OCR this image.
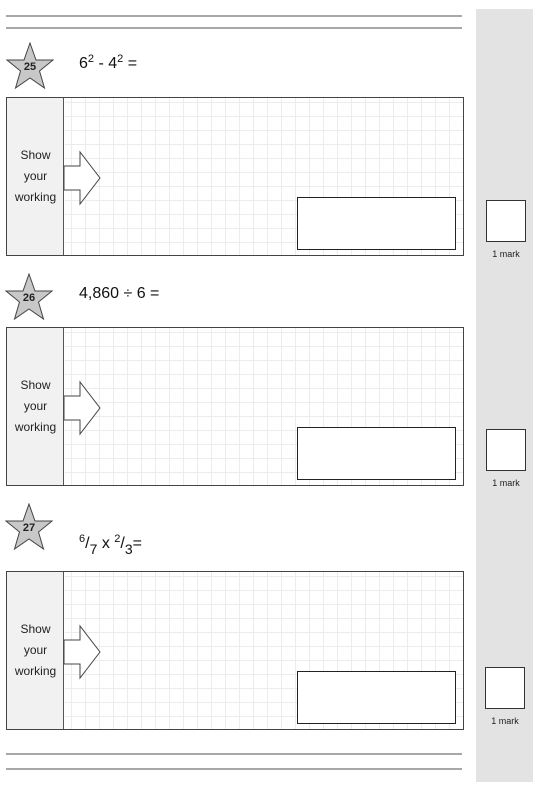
25	$6^2 - 4^2$ =
Show
your
working
1 mark
26	4,860 ÷ 6 =
Show
your
working
1 mark
27
$^6$/7 x $^2$/3=
Show
your
working
1 mark
